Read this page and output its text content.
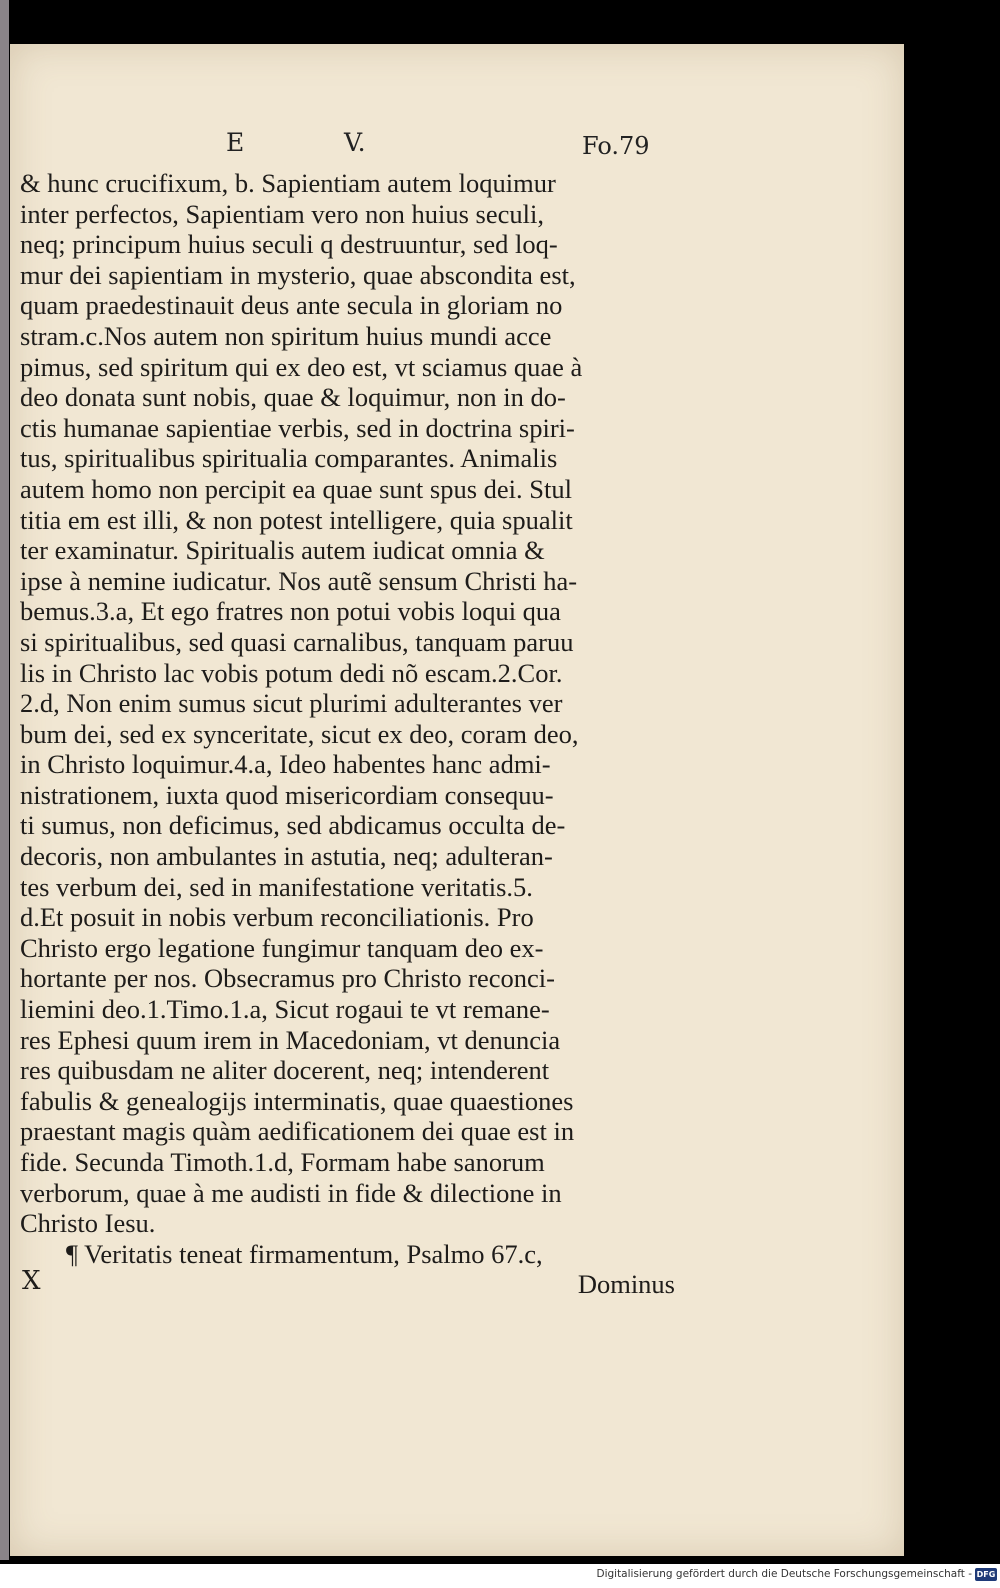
E	V.	Fo.79
& hunc crucifixum, b. Sapientiam autem loquimur
inter perfectos, Sapientiam vero non huius seculi,
neq; principum huius seculi q destruuntur, sed loq-
mur dei sapientiam in mysterio, quae abscondita est,
quam praedestinauit deus ante secula in gloriam no
stram.c.Nos autem non spiritum huius mundi acce
pimus, sed spiritum qui ex deo est, vt sciamus quae à
deo donata sunt nobis, quae & loquimur, non in do-
ctis humanae sapientiae verbis, sed in doctrina spiri-
tus, spiritualibus spiritualia comparantes. Animalis
autem homo non percipit ea quae sunt spus dei. Stul
titia em est illi, & non potest intelligere, quia spualit
ter examinatur. Spiritualis autem iudicat omnia &
ipse à nemine iudicatur. Nos autẽ sensum Christi ha-
bemus.3.a, Et ego fratres non potui vobis loqui qua
si spiritualibus, sed quasi carnalibus, tanquam paruu
lis in Christo lac vobis potum dedi nõ escam.2.Cor.
2.d, Non enim sumus sicut plurimi adulterantes ver
bum dei, sed ex synceritate, sicut ex deo, coram deo,
in Christo loquimur.4.a, Ideo habentes hanc admi-
nistrationem, iuxta quod misericordiam consequu-
ti sumus, non deficimus, sed abdicamus occulta de-
decoris, non ambulantes in astutia, neq; adulteran-
tes verbum dei, sed in manifestatione veritatis.5.
d.Et posuit in nobis verbum reconciliationis. Pro
Christo ergo legatione fungimur tanquam deo ex-
hortante per nos. Obsecramus pro Christo reconci-
liemini deo.1.Timo.1.a, Sicut rogaui te vt remane-
res Ephesi quum irem in Macedoniam, vt denuncia
res quibusdam ne aliter docerent, neq; intenderent
fabulis & genealogijs interminatis, quae quaestiones
praestant magis quàm aedificationem dei quae est in
fide. Secunda Timoth.1.d, Formam habe sanorum
verborum, quae à me audisti in fide & dilectione in
Christo Iesu.
¶ Veritatis teneat firmamentum, Psalmo 67.c,
Dominus
X
Digitalisierung gefördert durch die Deutsche Forschungsgemeinschaft - DFG
